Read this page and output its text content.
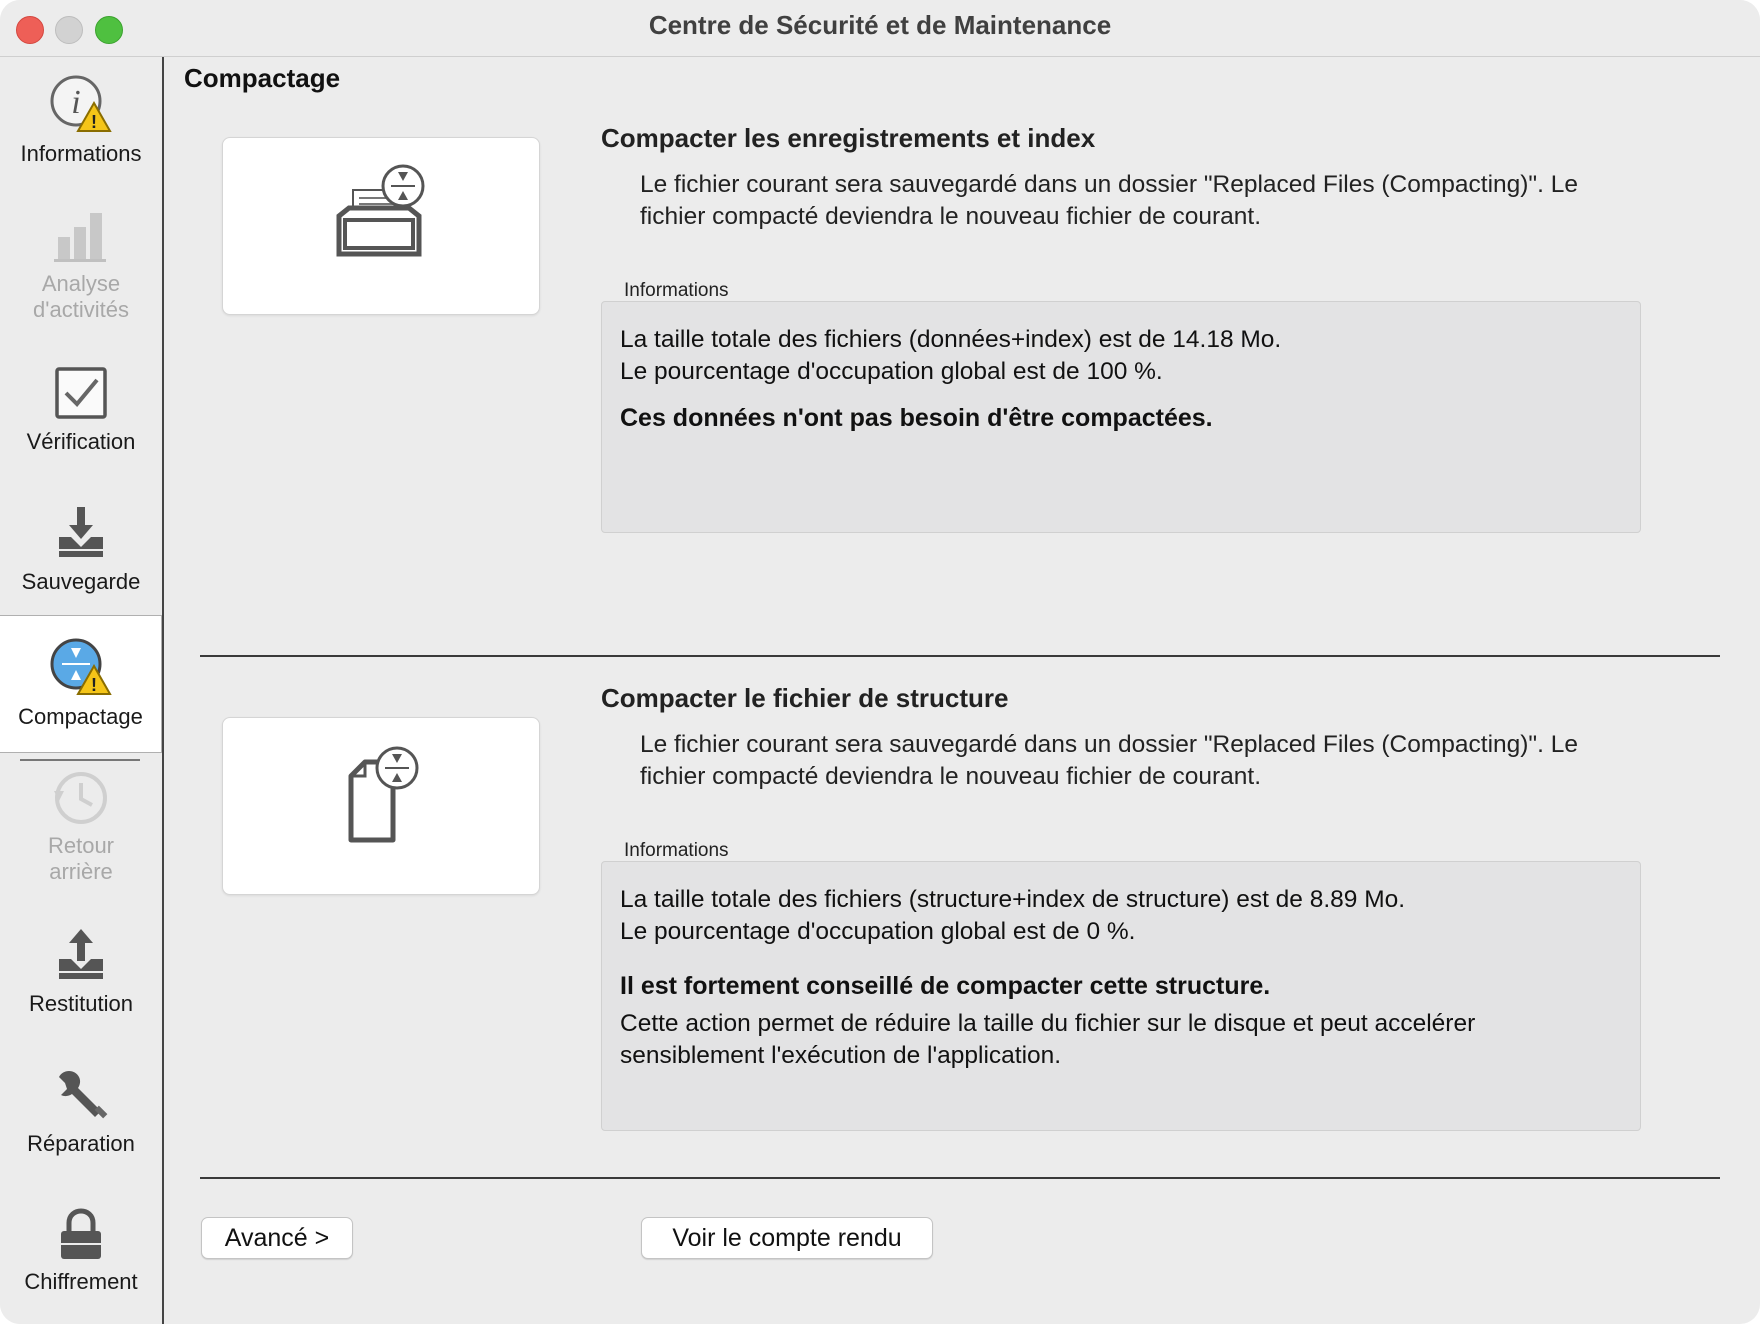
Centre de Sécurité et de Maintenance
i
!
Informations
Analyse d'activités
Vérification
Sauvegarde
!
Compactage
Retour arrière
Restitution
Réparation
Chiffrement
Compactage
Compacter les enregistrements et index
Le fichier courant sera sauvegardé dans un dossier "Replaced Files (Compacting)". Le fichier compacté deviendra le nouveau fichier de courant.
Informations
La taille totale des fichiers (données+index) est de 14.18 Mo.
Le pourcentage d'occupation global est de 100 %.
Ces données n'ont pas besoin d'être compactées.
Compacter le fichier de structure
Le fichier courant sera sauvegardé dans un dossier "Replaced Files (Compacting)". Le fichier compacté deviendra le nouveau fichier de courant.
Informations
La taille totale des fichiers (structure+index de structure) est de 8.89 Mo.
Le pourcentage d'occupation global est de 0 %.
Il est fortement conseillé de compacter cette structure.
Cette action permet de réduire la taille du fichier sur le disque et peut accelérer sensiblement l'exécution de l'application.
Avancé >	Voir le compte rendu
